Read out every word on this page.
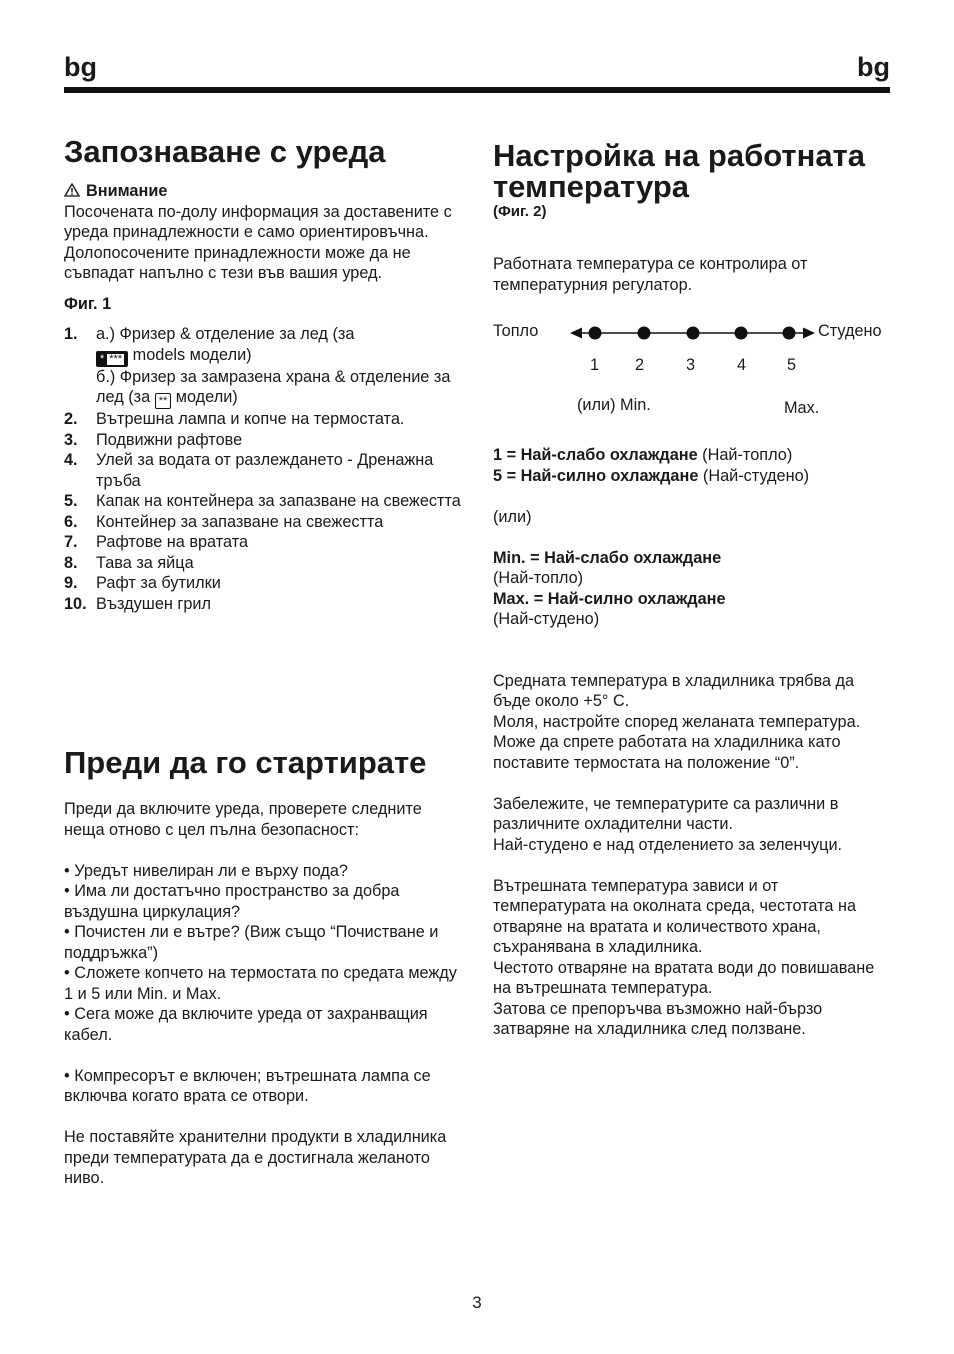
bg	bg
Запознаване с уреда
Внимание

Посочената по-долу информация за доставените с уреда принадлежности е само ориентировъчна. Долопосочените принадлежности може да не съвпадат напълно с тези във вашия уред.

Фиг. 1
1. а.) Фризер & отделение за лед (за
* *** models модели)
б.) Фризер за замразена храна & отделение за лед (за ** модели)
2. Вътрешна лампа и копче на термостата.
3. Подвижни рафтове
4. Улей за водата от разлежданeто - Дренажна тръба
5. Капак на контейнера за запазване на свежестта
6. Контейнер за запазване на свежестта
7. Рафтове на вратата
8. Тава за яйца
9. Рафт за бутилки
10. Въздушен грил
Преди да го стартирате

Преди да включите уреда, проверете следните неща отново с цел пълна безопасност:

• Уредът нивелиран ли е върху пода?
• Има ли достатъчно пространство за добра въздушна циркулация?
• Почистен ли е вътре? (Виж също “Почистване и поддръжка”)
• Сложете копчето на термостата по средата между 1 и 5 или Min. и Max.
• Сега може да включите уреда от захранващия кабел.
• Компресорът е включен; вътрешната лампа се включва когато врата се отвори.

Не поставяйте хранителни продукти в хладилника преди температурата да е достигнала желаното ниво.

Настройка на работната температура
(Фиг. 2)

Работната температура се контролира от температурния регулатор.

Топло	Студено
1 2	3	4	5
(или) Min.	Max.
1 = Най-слабо охлаждане (Най-топло)
5 = Най-силно охлаждане (Най-студено)
(или)
Min. = Най-слабо охлаждане
(Най-топло)
Max. = Най-силно охлаждане
(Най-студено)

Средната температура в хладилника трябва да бъде около +5° C.

Моля, настройте според желаната температура.

Може да спрете работата на хладилника като поставите термостата на положение “0”.

Забележите, че температурите са различни в различните охладителни части.

Най-студено е над отделението за зеленчуци.

Вътрешната температура зависи и от температурата на околната среда, честотата на отваряне на вратата и количеството храна, съхранявана в хладилника.

Честото отваряне на вратата води до повишаване на вътрешната температура.

Затова се препоръчва възможно най-бързо затваряне на хладилника след ползване.

3
